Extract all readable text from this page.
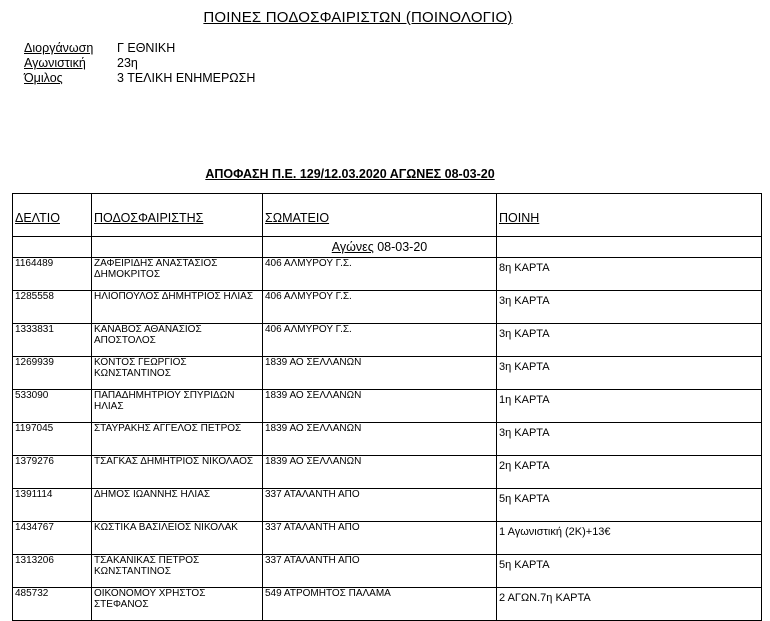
ΠΟΙΝΕΣ ΠΟΔΟΣΦΑΙΡΙΣΤΩΝ (ΠΟΙΝΟΛΟΓΙΟ)
Διοργάνωση	Γ ΕΘΝΙΚΗ
Αγωνιστική	23η
Όμιλος	3 ΤΕΛΙΚΗ ΕΝΗΜΕΡΩΣΗ
ΑΠΟΦΑΣΗ Π.Ε. 129/12.03.2020 ΑΓΩΝΕΣ 08-03-20
ΔΕΛΤΙΟ	ΠΟΔΟΣΦΑΙΡΙΣΤΗΣ	ΣΩΜΑΤΕΙΟ	ΠΟΙΝΗ
		Αγώνες 08-03-20	
1164489	ΖΑΦΕΙΡΙΔΗΣ ΑΝΑΣΤΑΣΙΟΣ ΔΗΜΟΚΡΙΤΟΣ	406 ΑΛΜΥΡΟΥ Γ.Σ.	8η ΚΑΡΤΑ
1285558	ΗΛΙΟΠΟΥΛΟΣ ΔΗΜΗΤΡΙΟΣ ΗΛΙΑΣ	406 ΑΛΜΥΡΟΥ Γ.Σ.	3η ΚΑΡΤΑ
1333831	ΚΑΝΑΒΟΣ ΑΘΑΝΑΣΙΟΣ ΑΠΟΣΤΟΛΟΣ	406 ΑΛΜΥΡΟΥ Γ.Σ.	3η ΚΑΡΤΑ
1269939	ΚΟΝΤΟΣ ΓΕΩΡΓΙΟΣ ΚΩΝΣΤΑΝΤΙΝΟΣ	1839 ΑΟ ΣΕΛΛΑΝΩΝ	3η ΚΑΡΤΑ
533090	ΠΑΠΑΔΗΜΗΤΡΙΟΥ ΣΠΥΡΙΔΩΝ ΗΛΙΑΣ	1839 ΑΟ ΣΕΛΛΑΝΩΝ	1η ΚΑΡΤΑ
1197045	ΣΤΑΥΡΑΚΗΣ ΑΓΓΕΛΟΣ ΠΕΤΡΟΣ	1839 ΑΟ ΣΕΛΛΑΝΩΝ	3η ΚΑΡΤΑ
1379276	ΤΣΑΓΚΑΣ ΔΗΜΗΤΡΙΟΣ ΝΙΚΟΛΑΟΣ	1839 ΑΟ ΣΕΛΛΑΝΩΝ	2η ΚΑΡΤΑ
1391114	ΔΗΜΟΣ ΙΩΑΝΝΗΣ ΗΛΙΑΣ	337 ΑΤΑΛΑΝΤΗ ΑΠΟ	5η ΚΑΡΤΑ
1434767	ΚΩΣΤΙΚΑ ΒΑΣΙΛΕΙΟΣ ΝΙΚΟΛΑΚ	337 ΑΤΑΛΑΝΤΗ ΑΠΟ	1 Αγωνιστική (2Κ)+13€
1313206	ΤΣΑΚΑΝΙΚΑΣ ΠΕΤΡΟΣ ΚΩΝΣΤΑΝΤΙΝΟΣ	337 ΑΤΑΛΑΝΤΗ ΑΠΟ	5η ΚΑΡΤΑ
485732	ΟΙΚΟΝΟΜΟΥ ΧΡΗΣΤΟΣ ΣΤΕΦΑΝΟΣ	549 ΑΤΡΟΜΗΤΟΣ ΠΑΛΑΜΑ	2 ΑΓΩΝ.7η ΚΑΡΤΑ
